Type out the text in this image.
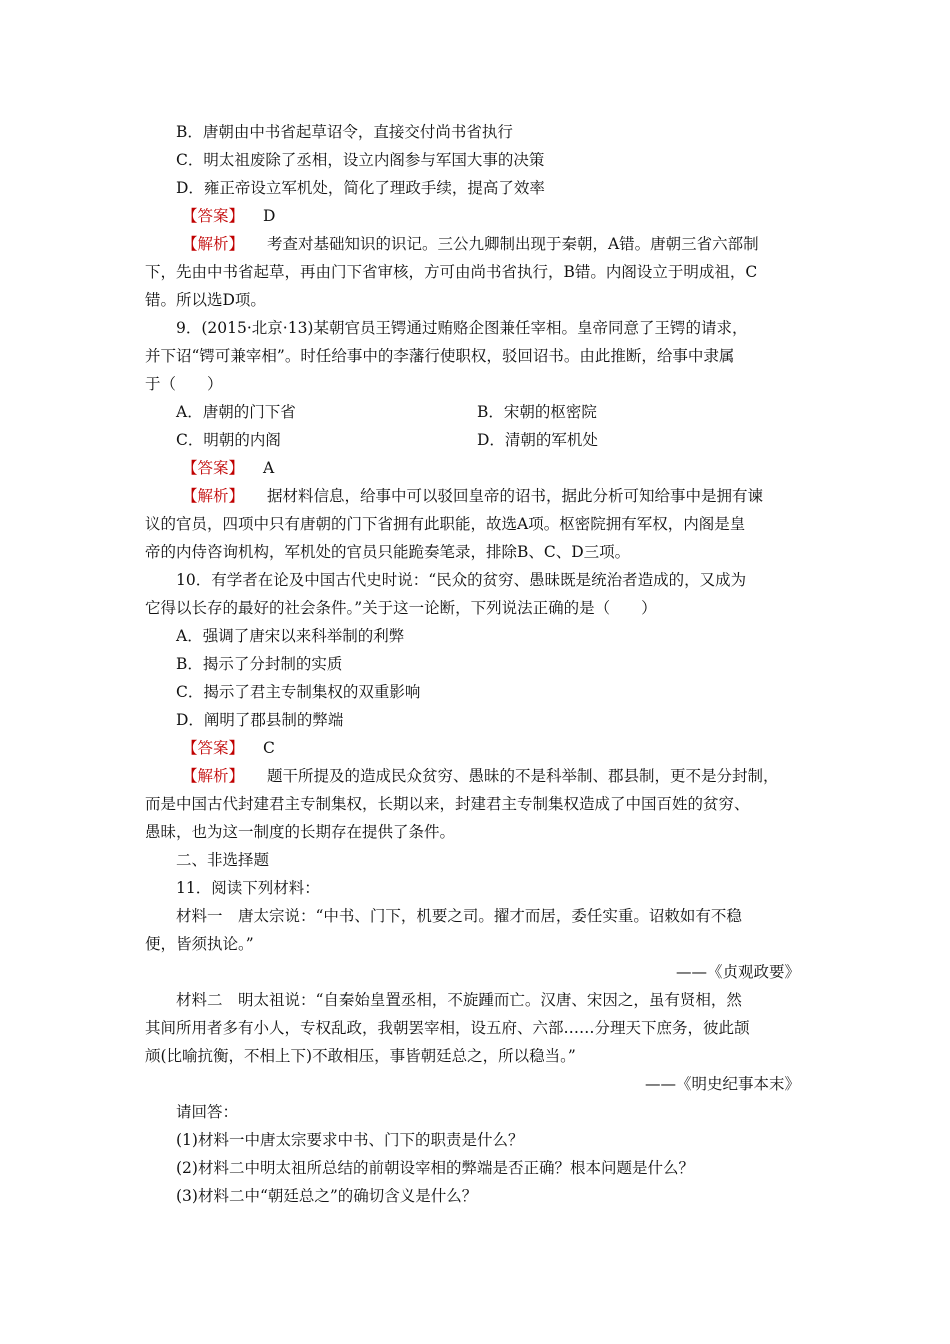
B．唐朝由中书省起草诏令，直接交付尚书省执行
C．明太祖废除了丞相，设立内阁参与军国大事的决策
D．雍正帝设立军机处，简化了理政手续，提高了效率
【答案】 D
【解析】 考查对基础知识的识记。三公九卿制出现于秦朝，A错。唐朝三省六部制
下，先由中书省起草，再由门下省审核，方可由尚书省执行，B错。内阁设立于明成祖，C
错。所以选D项。
9．(2015·北京·13)某朝官员王锷通过贿赂企图兼任宰相。皇帝同意了王锷的请求，
并下诏“锷可兼宰相”。时任给事中的李藩行使职权，驳回诏书。由此推断，给事中隶属
于（　　）
A．唐朝的门下省	B．宋朝的枢密院
C．明朝的内阁	D．清朝的军机处
【答案】 A
【解析】 据材料信息，给事中可以驳回皇帝的诏书，据此分析可知给事中是拥有谏
议的官员，四项中只有唐朝的门下省拥有此职能，故选A项。枢密院拥有军权，内阁是皇
帝的内侍咨询机构，军机处的官员只能跪奏笔录，排除B、C、D三项。
10．有学者在论及中国古代史时说：“民众的贫穷、愚昧既是统治者造成的，又成为
它得以长存的最好的社会条件。”关于这一论断，下列说法正确的是（　　）
A．强调了唐宋以来科举制的利弊
B．揭示了分封制的实质
C．揭示了君主专制集权的双重影响
D．阐明了郡县制的弊端
【答案】 C
【解析】 题干所提及的造成民众贫穷、愚昧的不是科举制、郡县制，更不是分封制，
而是中国古代封建君主专制集权，长期以来，封建君主专制集权造成了中国百姓的贫穷、
愚昧，也为这一制度的长期存在提供了条件。
二、非选择题
11．阅读下列材料：
材料一　唐太宗说：“中书、门下，机要之司。擢才而居，委任实重。诏敕如有不稳
便，皆须执论。”
——《贞观政要》
材料二　明太祖说：“自秦始皇置丞相，不旋踵而亡。汉唐、宋因之，虽有贤相，然
其间所用者多有小人，专权乱政，我朝罢宰相，设五府、六部……分理天下庶务，彼此颉
颃(比喻抗衡，不相上下)不敢相压，事皆朝廷总之，所以稳当。”
——《明史纪事本末》
请回答：
(1)材料一中唐太宗要求中书、门下的职责是什么？
(2)材料二中明太祖所总结的前朝设宰相的弊端是否正确？根本问题是什么？
(3)材料二中“朝廷总之”的确切含义是什么？
